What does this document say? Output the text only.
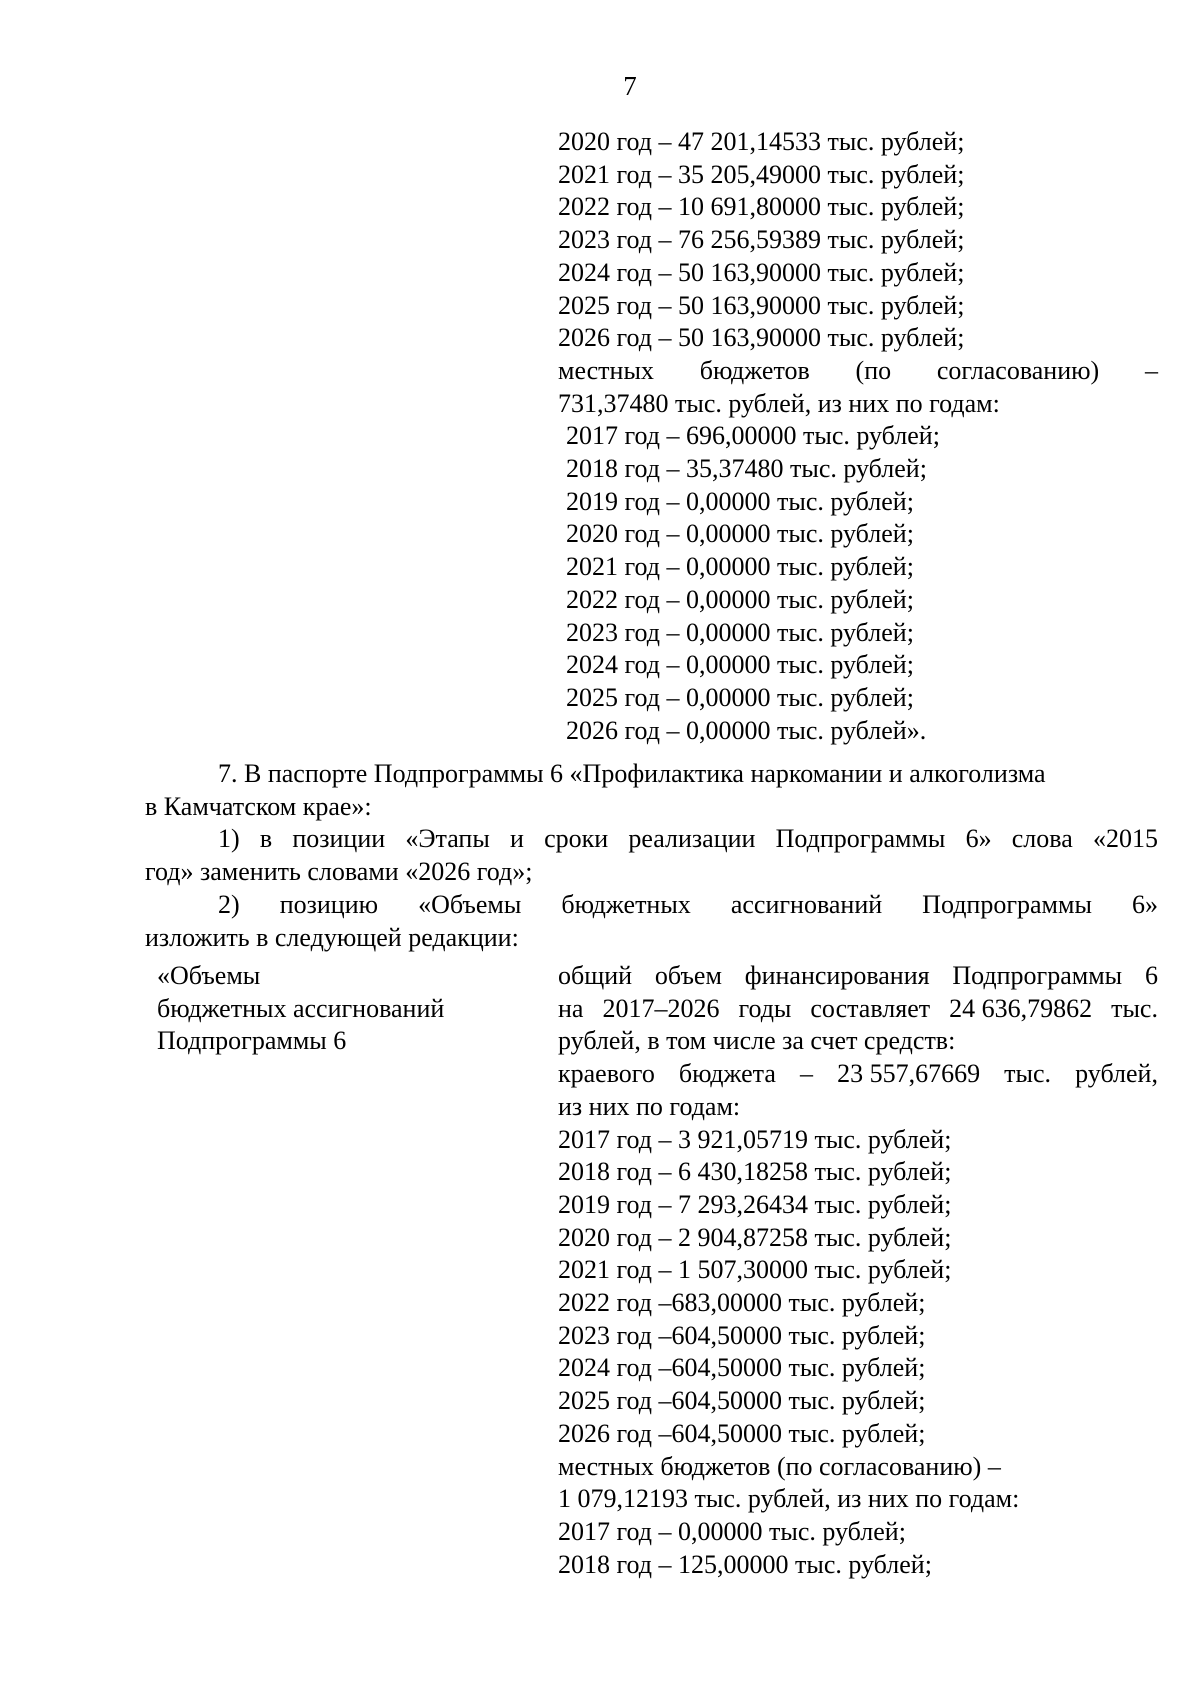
7
2020 год – 47 201,14533 тыс. рублей;
2021 год – 35 205,49000 тыс. рублей;
2022 год – 10 691,80000 тыс. рублей;
2023 год – 76 256,59389 тыс. рублей;
2024 год – 50 163,90000 тыс. рублей;
2025 год – 50 163,90000 тыс. рублей;
2026 год – 50 163,90000 тыс. рублей;
местных бюджетов (по согласованию) –
731,37480 тыс. рублей, из них по годам:
2017 год – 696,00000 тыс. рублей;
2018 год – 35,37480 тыс. рублей;
2019 год – 0,00000 тыс. рублей;
2020 год – 0,00000 тыс. рублей;
2021 год – 0,00000 тыс. рублей;
2022 год – 0,00000 тыс. рублей;
2023 год – 0,00000 тыс. рублей;
2024 год – 0,00000 тыс. рублей;
2025 год – 0,00000 тыс. рублей;
2026 год – 0,00000 тыс. рублей».
7. В паспорте Подпрограммы 6 «Профилактика наркомании и алкоголизма
в Камчатском крае»:
1) в позиции «Этапы и сроки реализации Подпрограммы 6» слова «2015
год» заменить словами «2026 год»;
2) позицию «Объемы бюджетных ассигнований Подпрограммы 6»
изложить в следующей редакции:
«Объемы
бюджетных ассигнований
Подпрограммы 6
общий объем финансирования Подпрограммы 6
на 2017–2026 годы составляет 24 636,79862 тыс.
рублей, в том числе за счет средств:
краевого бюджета – 23 557,67669 тыс. рублей,
из них по годам:
2017 год – 3 921,05719 тыс. рублей;
2018 год – 6 430,18258 тыс. рублей;
2019 год – 7 293,26434 тыс. рублей;
2020 год – 2 904,87258 тыс. рублей;
2021 год – 1 507,30000 тыс. рублей;
2022 год –683,00000 тыс. рублей;
2023 год –604,50000 тыс. рублей;
2024 год –604,50000 тыс. рублей;
2025 год –604,50000 тыс. рублей;
2026 год –604,50000 тыс. рублей;
местных бюджетов (по согласованию) –
1 079,12193 тыс. рублей, из них по годам:
2017 год – 0,00000 тыс. рублей;
2018 год – 125,00000 тыс. рублей;
